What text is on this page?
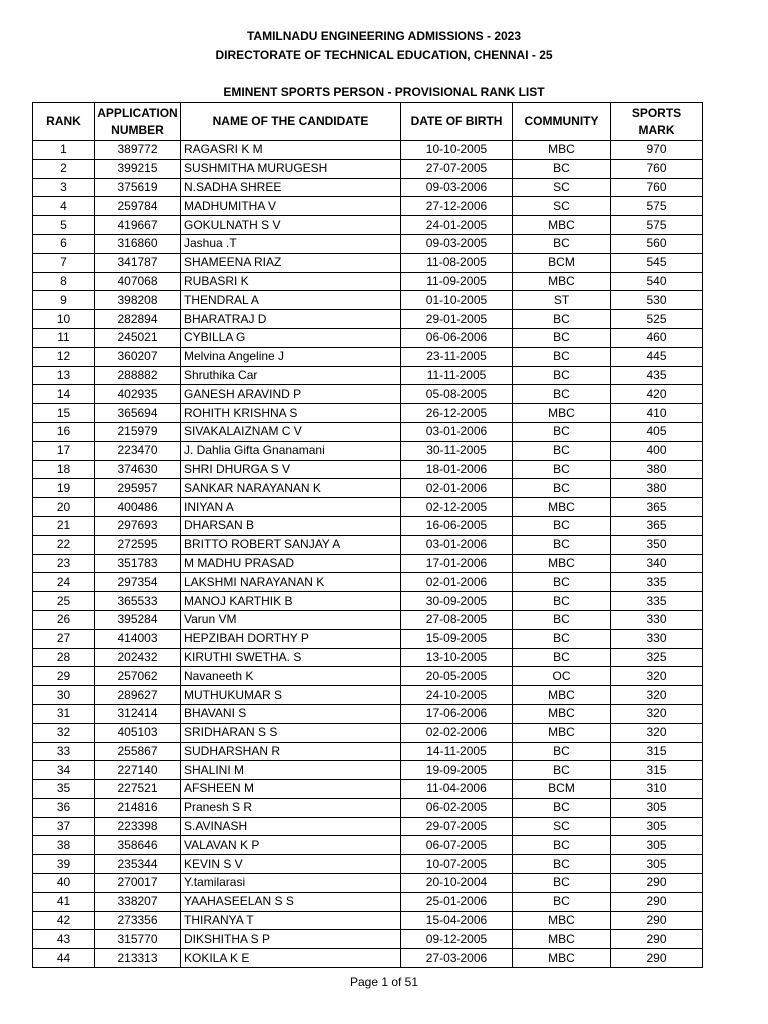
TAMILNADU ENGINEERING ADMISSIONS - 2023
DIRECTORATE OF TECHNICAL EDUCATION, CHENNAI - 25
EMINENT SPORTS PERSON - PROVISIONAL RANK LIST
RANK	APPLICATION NUMBER	NAME OF THE CANDIDATE	DATE OF BIRTH	COMMUNITY	SPORTS MARK
1	389772	RAGASRI K M	10-10-2005	MBC	970
2	399215	SUSHMITHA MURUGESH	27-07-2005	BC	760
3	375619	N.SADHA SHREE	09-03-2006	SC	760
4	259784	MADHUMITHA V	27-12-2006	SC	575
5	419667	GOKULNATH S V	24-01-2005	MBC	575
6	316860	Jashua .T	09-03-2005	BC	560
7	341787	SHAMEENA RIAZ	11-08-2005	BCM	545
8	407068	RUBASRI K	11-09-2005	MBC	540
9	398208	THENDRAL A	01-10-2005	ST	530
10	282894	BHARATRAJ D	29-01-2005	BC	525
11	245021	CYBILLA G	06-06-2006	BC	460
12	360207	Melvina Angeline J	23-11-2005	BC	445
13	288882	Shruthika Car	11-11-2005	BC	435
14	402935	GANESH ARAVIND P	05-08-2005	BC	420
15	365694	ROHITH KRISHNA S	26-12-2005	MBC	410
16	215979	SIVAKALAIZNAM C V	03-01-2006	BC	405
17	223470	J. Dahlia Gifta Gnanamani	30-11-2005	BC	400
18	374630	SHRI DHURGA S V	18-01-2006	BC	380
19	295957	SANKAR NARAYANAN K	02-01-2006	BC	380
20	400486	INIYAN A	02-12-2005	MBC	365
21	297693	DHARSAN B	16-06-2005	BC	365
22	272595	BRITTO ROBERT SANJAY A	03-01-2006	BC	350
23	351783	M MADHU PRASAD	17-01-2006	MBC	340
24	297354	LAKSHMI NARAYANAN K	02-01-2006	BC	335
25	365533	MANOJ KARTHIK B	30-09-2005	BC	335
26	395284	Varun VM	27-08-2005	BC	330
27	414003	HEPZIBAH DORTHY P	15-09-2005	BC	330
28	202432	KIRUTHI SWETHA. S	13-10-2005	BC	325
29	257062	Navaneeth K	20-05-2005	OC	320
30	289627	MUTHUKUMAR S	24-10-2005	MBC	320
31	312414	BHAVANI S	17-06-2006	MBC	320
32	405103	SRIDHARAN S S	02-02-2006	MBC	320
33	255867	SUDHARSHAN R	14-11-2005	BC	315
34	227140	SHALINI M	19-09-2005	BC	315
35	227521	AFSHEEN M	11-04-2006	BCM	310
36	214816	Pranesh S R	06-02-2005	BC	305
37	223398	S.AVINASH	29-07-2005	SC	305
38	358646	VALAVAN K P	06-07-2005	BC	305
39	235344	KEVIN S V	10-07-2005	BC	305
40	270017	Y.tamilarasi	20-10-2004	BC	290
41	338207	YAAHASEELAN S S	25-01-2006	BC	290
42	273356	THIRANYA T	15-04-2006	MBC	290
43	315770	DIKSHITHA S P	09-12-2005	MBC	290
44	213313	KOKILA K E	27-03-2006	MBC	290
Page 1 of 51
